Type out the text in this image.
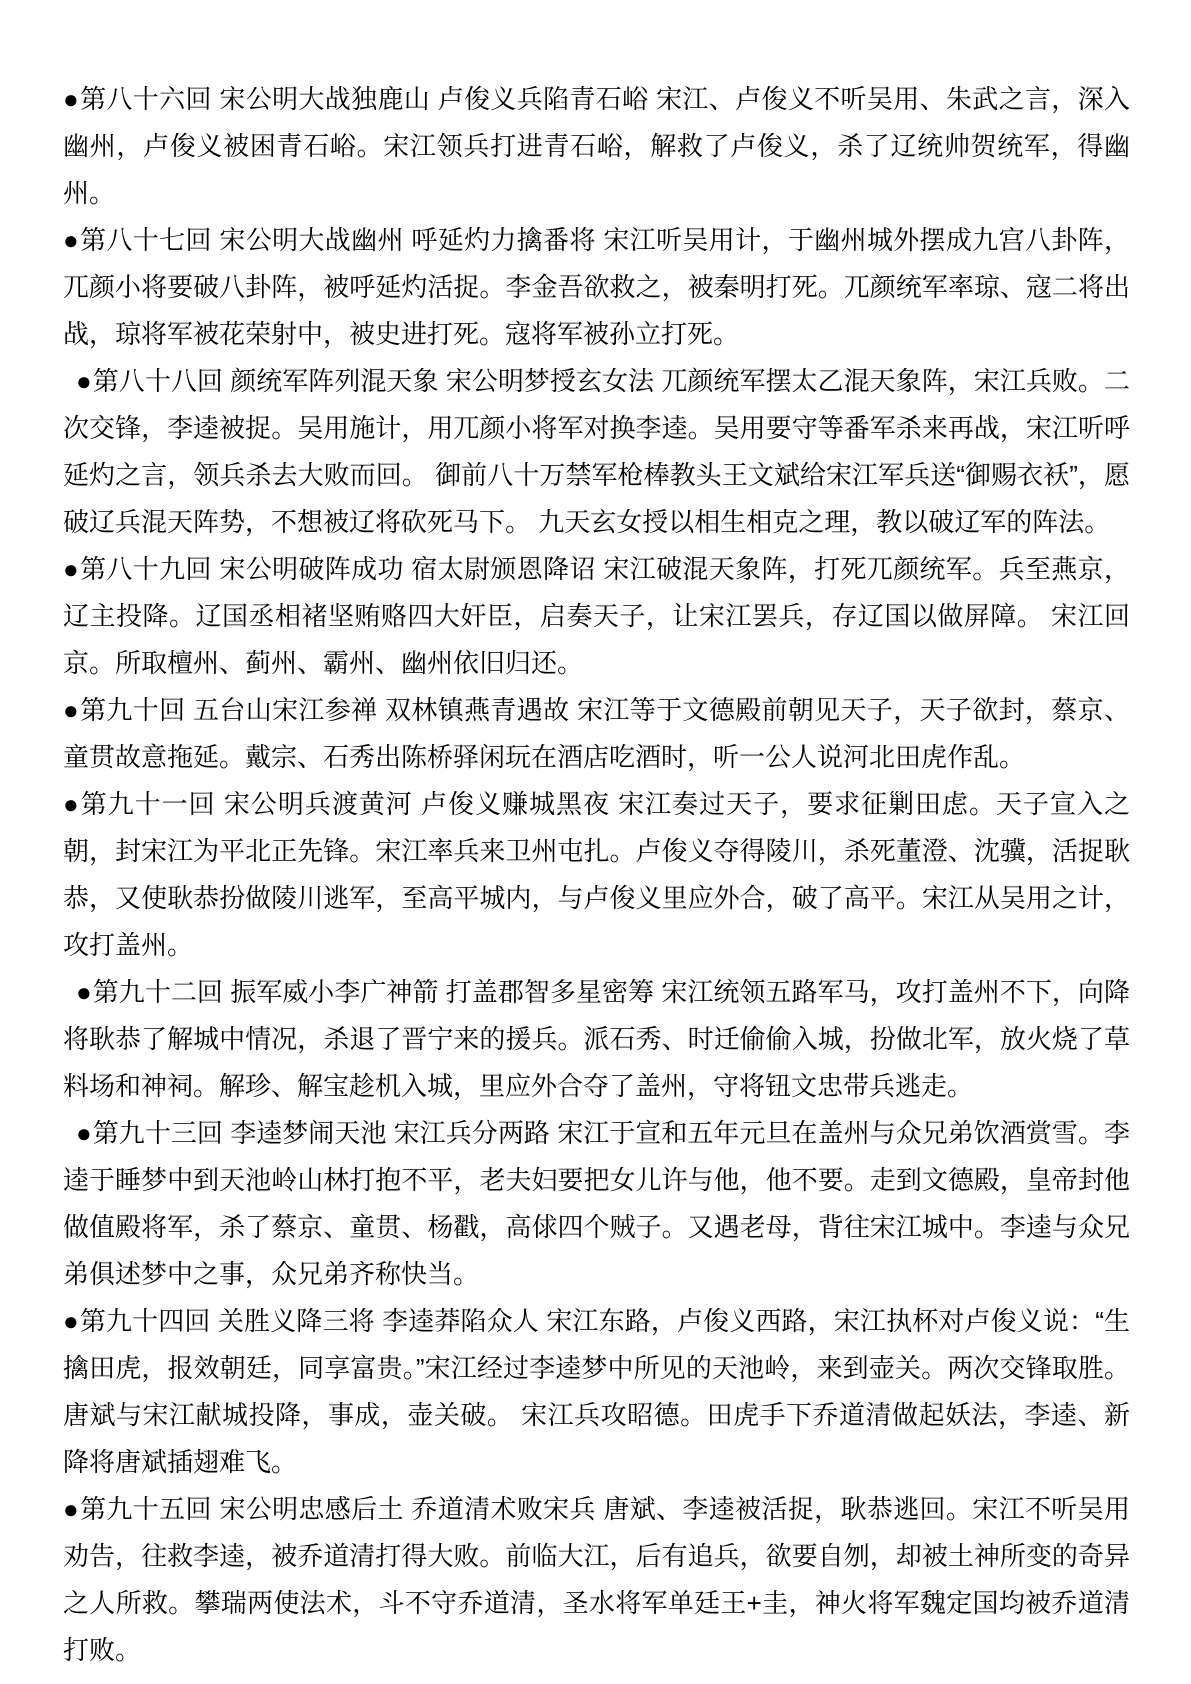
●第八十六回 宋公明大战独鹿山 卢俊义兵陷青石峪 宋江、卢俊义不听吴用、朱武之言，深入幽州，卢俊义被困青石峪。宋江领兵打进青石峪，解救了卢俊义，杀了辽统帅贺统军，得幽州。

●第八十七回 宋公明大战幽州 呼延灼力擒番将 宋江听吴用计，于幽州城外摆成九宫八卦阵，兀颜小将要破八卦阵，被呼延灼活捉。李金吾欲救之，被秦明打死。兀颜统军率琼、寇二将出战，琼将军被花荣射中，被史进打死。寇将军被孙立打死。

●第八十八回 颜统军阵列混天象 宋公明梦授玄女法 兀颜统军摆太乙混天象阵，宋江兵败。二次交锋，李逵被捉。吴用施计，用兀颜小将军对换李逵。吴用要守等番军杀来再战，宋江听呼延灼之言，领兵杀去大败而回。 御前八十万禁军枪棒教头王文斌给宋江军兵送“御赐衣袄”，愿破辽兵混天阵势，不想被辽将砍死马下。 九天玄女授以相生相克之理，教以破辽军的阵法。

●第八十九回 宋公明破阵成功 宿太尉颁恩降诏 宋江破混天象阵，打死兀颜统军。兵至燕京，辽主投降。辽国丞相褚坚贿赂四大奸臣，启奏天子，让宋江罢兵，存辽国以做屏障。 宋江回京。所取檀州、蓟州、霸州、幽州依旧归还。

●第九十回 五台山宋江参禅 双林镇燕青遇故 宋江等于文德殿前朝见天子，天子欲封，蔡京、童贯故意拖延。戴宗、石秀出陈桥驿闲玩在酒店吃酒时，听一公人说河北田虎作乱。

●第九十一回 宋公明兵渡黄河 卢俊义赚城黑夜 宋江奏过天子，要求征剿田虑。天子宣入之朝，封宋江为平北正先锋。宋江率兵来卫州屯扎。卢俊义夺得陵川，杀死董澄、沈骥，活捉耿恭，又使耿恭扮做陵川逃军，至高平城内，与卢俊义里应外合，破了高平。宋江从吴用之计，攻打盖州。

●第九十二回 振军威小李广神箭 打盖郡智多星密筹 宋江统领五路军马，攻打盖州不下，向降将耿恭了解城中情况，杀退了晋宁来的援兵。派石秀、时迁偷偷入城，扮做北军，放火烧了草料场和神祠。解珍、解宝趁机入城，里应外合夺了盖州，守将钮文忠带兵逃走。

●第九十三回 李逵梦闹天池 宋江兵分两路 宋江于宣和五年元旦在盖州与众兄弟饮酒赏雪。李逵于睡梦中到天池岭山林打抱不平，老夫妇要把女儿许与他，他不要。走到文德殿，皇帝封他做值殿将军，杀了蔡京、童贯、杨戳，高俅四个贼子。又遇老母，背往宋江城中。李逵与众兄弟俱述梦中之事，众兄弟齐称快当。

●第九十四回 关胜义降三将 李逵莽陷众人 宋江东路，卢俊义西路，宋江执杯对卢俊义说：“生擒田虎，报效朝廷，同享富贵。”宋江经过李逵梦中所见的天池岭，来到壶关。两次交锋取胜。唐斌与宋江献城投降，事成，壶关破。 宋江兵攻昭德。田虎手下乔道清做起妖法，李逵、新降将唐斌插翅难飞。

●第九十五回 宋公明忠感后土 乔道清术败宋兵 唐斌、李逵被活捉，耿恭逃回。宋江不听吴用劝告，往救李逵，被乔道清打得大败。前临大江，后有追兵，欲要自刎，却被土神所变的奇异之人所救。攀瑞两使法术，斗不守乔道清，圣水将军单廷王+圭，神火将军魏定国均被乔道清打败。
